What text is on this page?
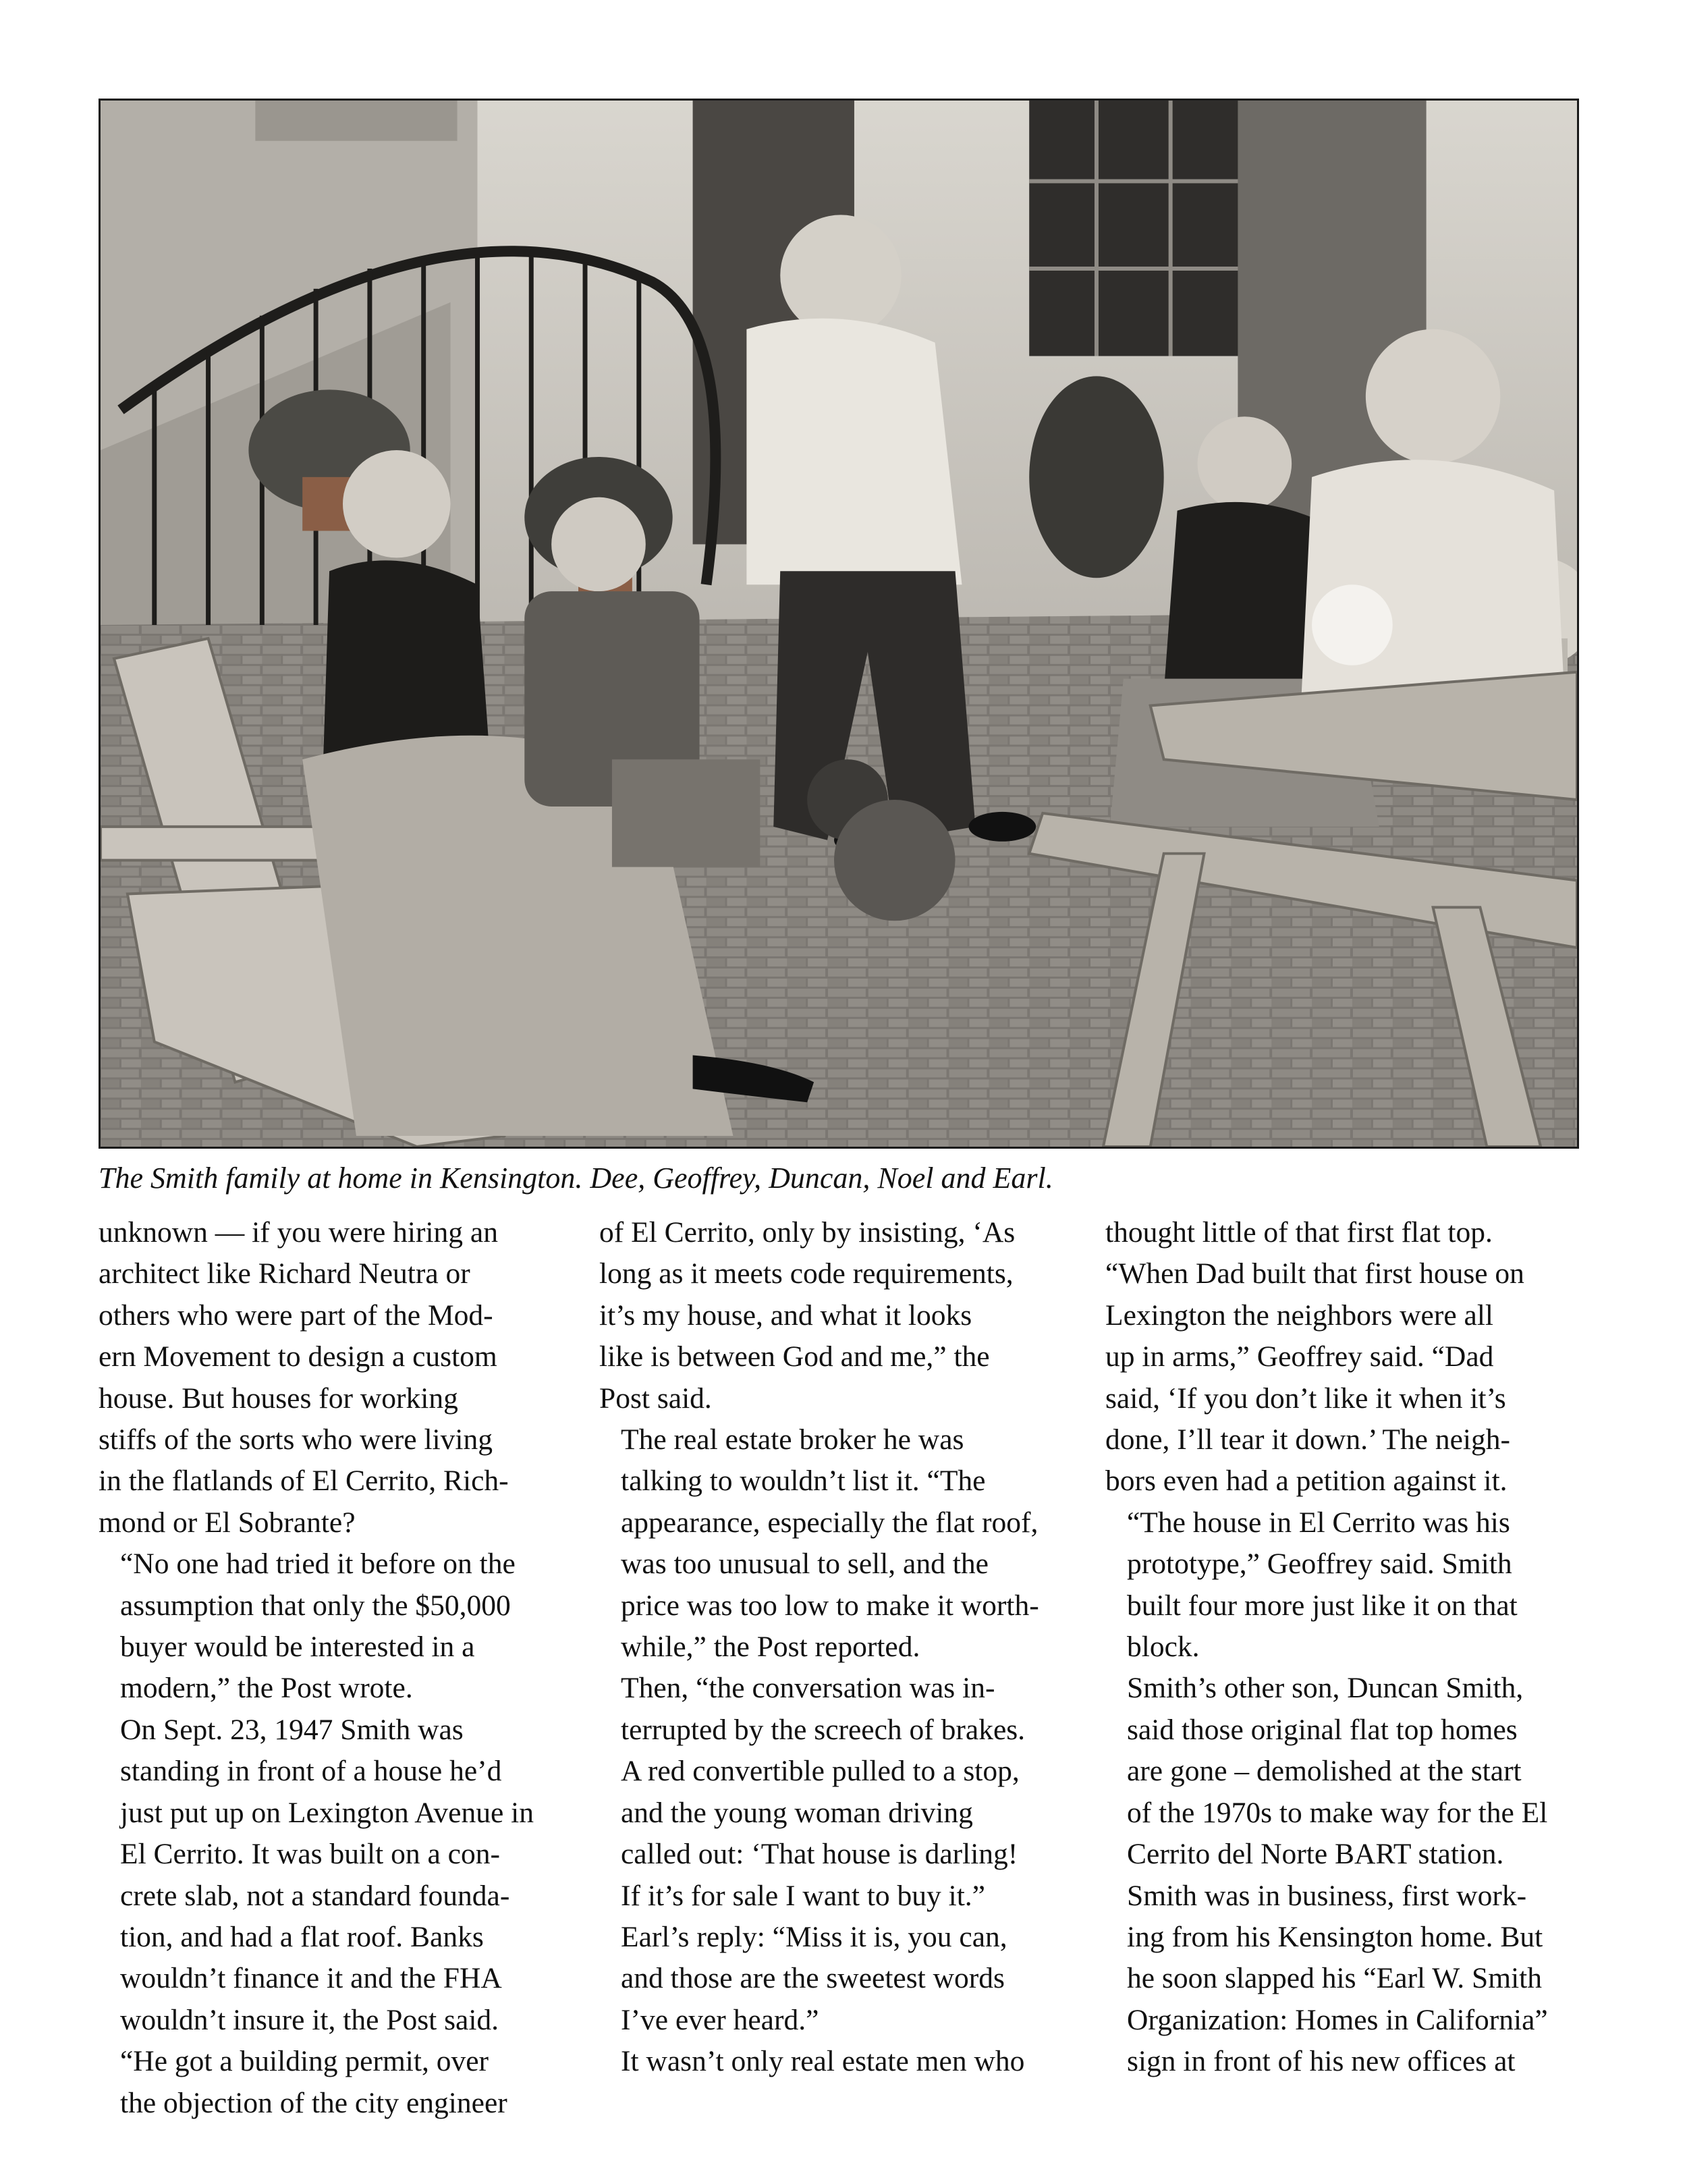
The Smith family at home in Kensington. Dee, Geoffrey, Duncan, Noel and Earl.

unknown — if you were hiring an
architect like Richard Neutra or
others who were part of the Mod-
ern Movement to design a custom
house. But houses for working
stiffs of the sorts who were living
in the flatlands of El Cerrito, Rich-
mond or El Sobrante?

“No one had tried it before on the
assumption that only the $50,000
buyer would be interested in a
modern,” the Post wrote.

On Sept. 23, 1947 Smith was
standing in front of a house he’d
just put up on Lexington Avenue in
El Cerrito. It was built on a con-
crete slab, not a standard founda-
tion, and had a flat roof. Banks
wouldn’t finance it and the FHA
wouldn’t insure it, the Post said.

“He got a building permit, over
the objection of the city engineer

of El Cerrito, only by insisting, ‘As
long as it meets code requirements,
it’s my house, and what it looks
like is between God and me,” the
Post said.

The real estate broker he was
talking to wouldn’t list it. “The
appearance, especially the flat roof,
was too unusual to sell, and the
price was too low to make it worth-
while,” the Post reported.

Then, “the conversation was in-
terrupted by the screech of brakes.
A red convertible pulled to a stop,
and the young woman driving
called out: ‘That house is darling!
If it’s for sale I want to buy it.”
Earl’s reply: “Miss it is, you can,
and those are the sweetest words
I’ve ever heard.”

It wasn’t only real estate men who

thought little of that first flat top.
“When Dad built that first house on
Lexington the neighbors were all
up in arms,” Geoffrey said. “Dad
said, ‘If you don’t like it when it’s
done, I’ll tear it down.’ The neigh-
bors even had a petition against it.

“The house in El Cerrito was his
prototype,” Geoffrey said. Smith
built four more just like it on that
block.

Smith’s other son, Duncan Smith,
said those original flat top homes
are gone – demolished at the start
of the 1970s to make way for the El
Cerrito del Norte BART station.

Smith was in business, first work-
ing from his Kensington home. But
he soon slapped his “Earl W. Smith
Organization: Homes in California”
sign in front of his new offices at
